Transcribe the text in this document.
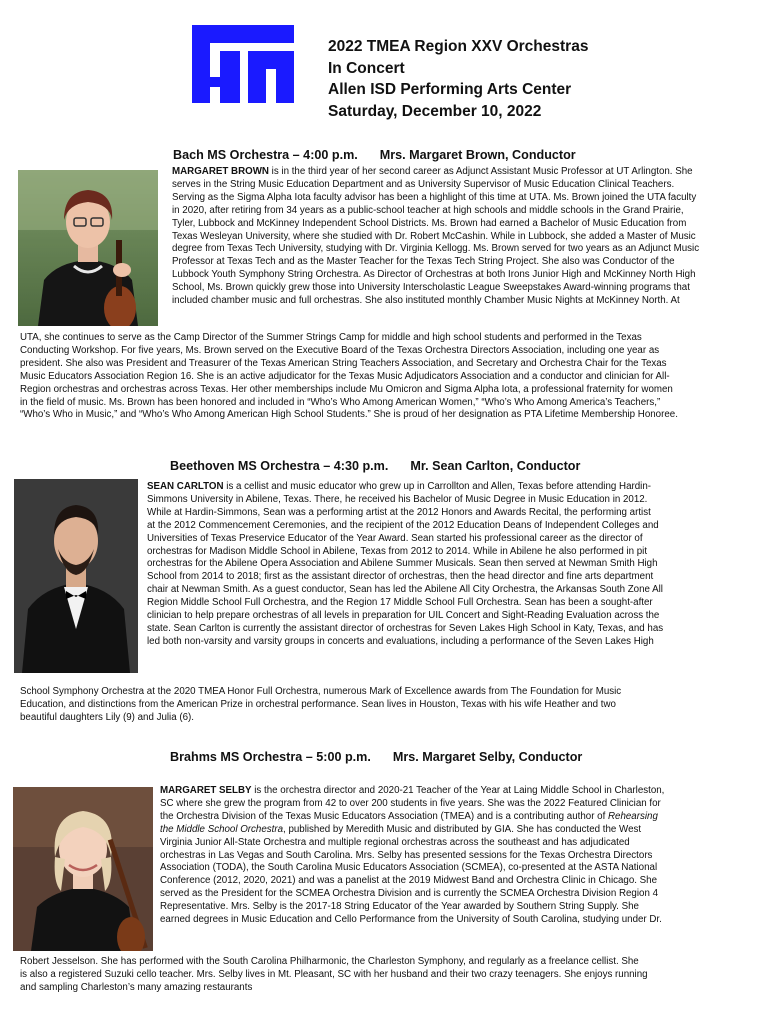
2022 TMEA Region XXV Orchestras
In Concert
Allen ISD Performing Arts Center
Saturday, December 10, 2022
Bach MS Orchestra – 4:00 p.m. Mrs. Margaret Brown, Conductor
MARGARET BROWN is in the third year of her second career as Adjunct Assistant Music Professor at UT Arlington. She
serves in the String Music Education Department and as University Supervisor of Music Education Clinical Teachers.
Serving as the Sigma Alpha Iota faculty advisor has been a highlight of this time at UTA. Ms. Brown joined the UTA faculty
in 2020, after retiring from 34 years as a public-school teacher at high schools and middle schools in the Grand Prairie,
Tyler, Lubbock and McKinney Independent School Districts. Ms. Brown had earned a Bachelor of Music Education from
Texas Wesleyan University, where she studied with Dr. Robert McCashin. While in Lubbock, she added a Master of Music
degree from Texas Tech University, studying with Dr. Virginia Kellogg. Ms. Brown served for two years as an Adjunct Music
Professor at Texas Tech and as the Master Teacher for the Texas Tech String Project. She also was Conductor of the
Lubbock Youth Symphony String Orchestra. As Director of Orchestras at both Irons Junior High and McKinney North High
School, Ms. Brown quickly grew those into University Interscholastic League Sweepstakes Award-winning programs that
included chamber music and full orchestras. She also instituted monthly Chamber Music Nights at McKinney North. At
UTA, she continues to serve as the Camp Director of the Summer Strings Camp for middle and high school students and performed in the Texas
Conducting Workshop. For five years, Ms. Brown served on the Executive Board of the Texas Orchestra Directors Association, including one year as
president. She also was President and Treasurer of the Texas American String Teachers Association, and Secretary and Orchestra Chair for the Texas
Music Educators Association Region 16. She is an active adjudicator for the Texas Music Adjudicators Association and a conductor and clinician for All-
Region orchestras and orchestras across Texas. Her other memberships include Mu Omicron and Sigma Alpha Iota, a professional fraternity for women
in the field of music. Ms. Brown has been honored and included in “Who’s Who Among American Women,” “Who’s Who Among America’s Teachers,”
“Who’s Who in Music,” and “Who’s Who Among American High School Students.” She is proud of her designation as PTA Lifetime Membership Honoree.
Beethoven MS Orchestra – 4:30 p.m. Mr. Sean Carlton, Conductor
SEAN CARLTON is a cellist and music educator who grew up in Carrollton and Allen, Texas before attending Hardin-
Simmons University in Abilene, Texas. There, he received his Bachelor of Music Degree in Music Education in 2012.
While at Hardin-Simmons, Sean was a performing artist at the 2012 Honors and Awards Recital, the performing artist
at the 2012 Commencement Ceremonies, and the recipient of the 2012 Education Deans of Independent Colleges and
Universities of Texas Preservice Educator of the Year Award. Sean started his professional career as the director of
orchestras for Madison Middle School in Abilene, Texas from 2012 to 2014. While in Abilene he also performed in pit
orchestras for the Abilene Opera Association and Abilene Summer Musicals. Sean then served at Newman Smith High
School from 2014 to 2018; first as the assistant director of orchestras, then the head director and fine arts department
chair at Newman Smith. As a guest conductor, Sean has led the Abilene All City Orchestra, the Arkansas South Zone All
Region Middle School Full Orchestra, and the Region 17 Middle School Full Orchestra. Sean has been a sought-after
clinician to help prepare orchestras of all levels in preparation for UIL Concert and Sight-Reading Evaluation across the
state. Sean Carlton is currently the assistant director of orchestras for Seven Lakes High School in Katy, Texas, and has
led both non-varsity and varsity groups in concerts and evaluations, including a performance of the Seven Lakes High
School Symphony Orchestra at the 2020 TMEA Honor Full Orchestra, numerous Mark of Excellence awards from The Foundation for Music
Education, and distinctions from the American Prize in orchestral performance. Sean lives in Houston, Texas with his wife Heather and two
beautiful daughters Lily (9) and Julia (6).
Brahms MS Orchestra – 5:00 p.m. Mrs. Margaret Selby, Conductor
MARGARET SELBY is the orchestra director and 2020-21 Teacher of the Year at Laing Middle School in Charleston,
SC where she grew the program from 42 to over 200 students in five years. She was the 2022 Featured Clinician for
the Orchestra Division of the Texas Music Educators Association (TMEA) and is a contributing author of Rehearsing
the Middle School Orchestra, published by Meredith Music and distributed by GIA. She has conducted the West
Virginia Junior All-State Orchestra and multiple regional orchestras across the southeast and has adjudicated
orchestras in Las Vegas and South Carolina. Mrs. Selby has presented sessions for the Texas Orchestra Directors
Association (TODA), the South Carolina Music Educators Association (SCMEA), co-presented at the ASTA National
Conference (2012, 2020, 2021) and was a panelist at the 2019 Midwest Band and Orchestra Clinic in Chicago. She
served as the President for the SCMEA Orchestra Division and is currently the SCMEA Orchestra Division Region 4
Representative. Mrs. Selby is the 2017-18 String Educator of the Year awarded by Southern String Supply. She
earned degrees in Music Education and Cello Performance from the University of South Carolina, studying under Dr.
Robert Jesselson. She has performed with the South Carolina Philharmonic, the Charleston Symphony, and regularly as a freelance cellist. She
is also a registered Suzuki cello teacher. Mrs. Selby lives in Mt. Pleasant, SC with her husband and their two crazy teenagers. She enjoys running
and sampling Charleston’s many amazing restaurants
